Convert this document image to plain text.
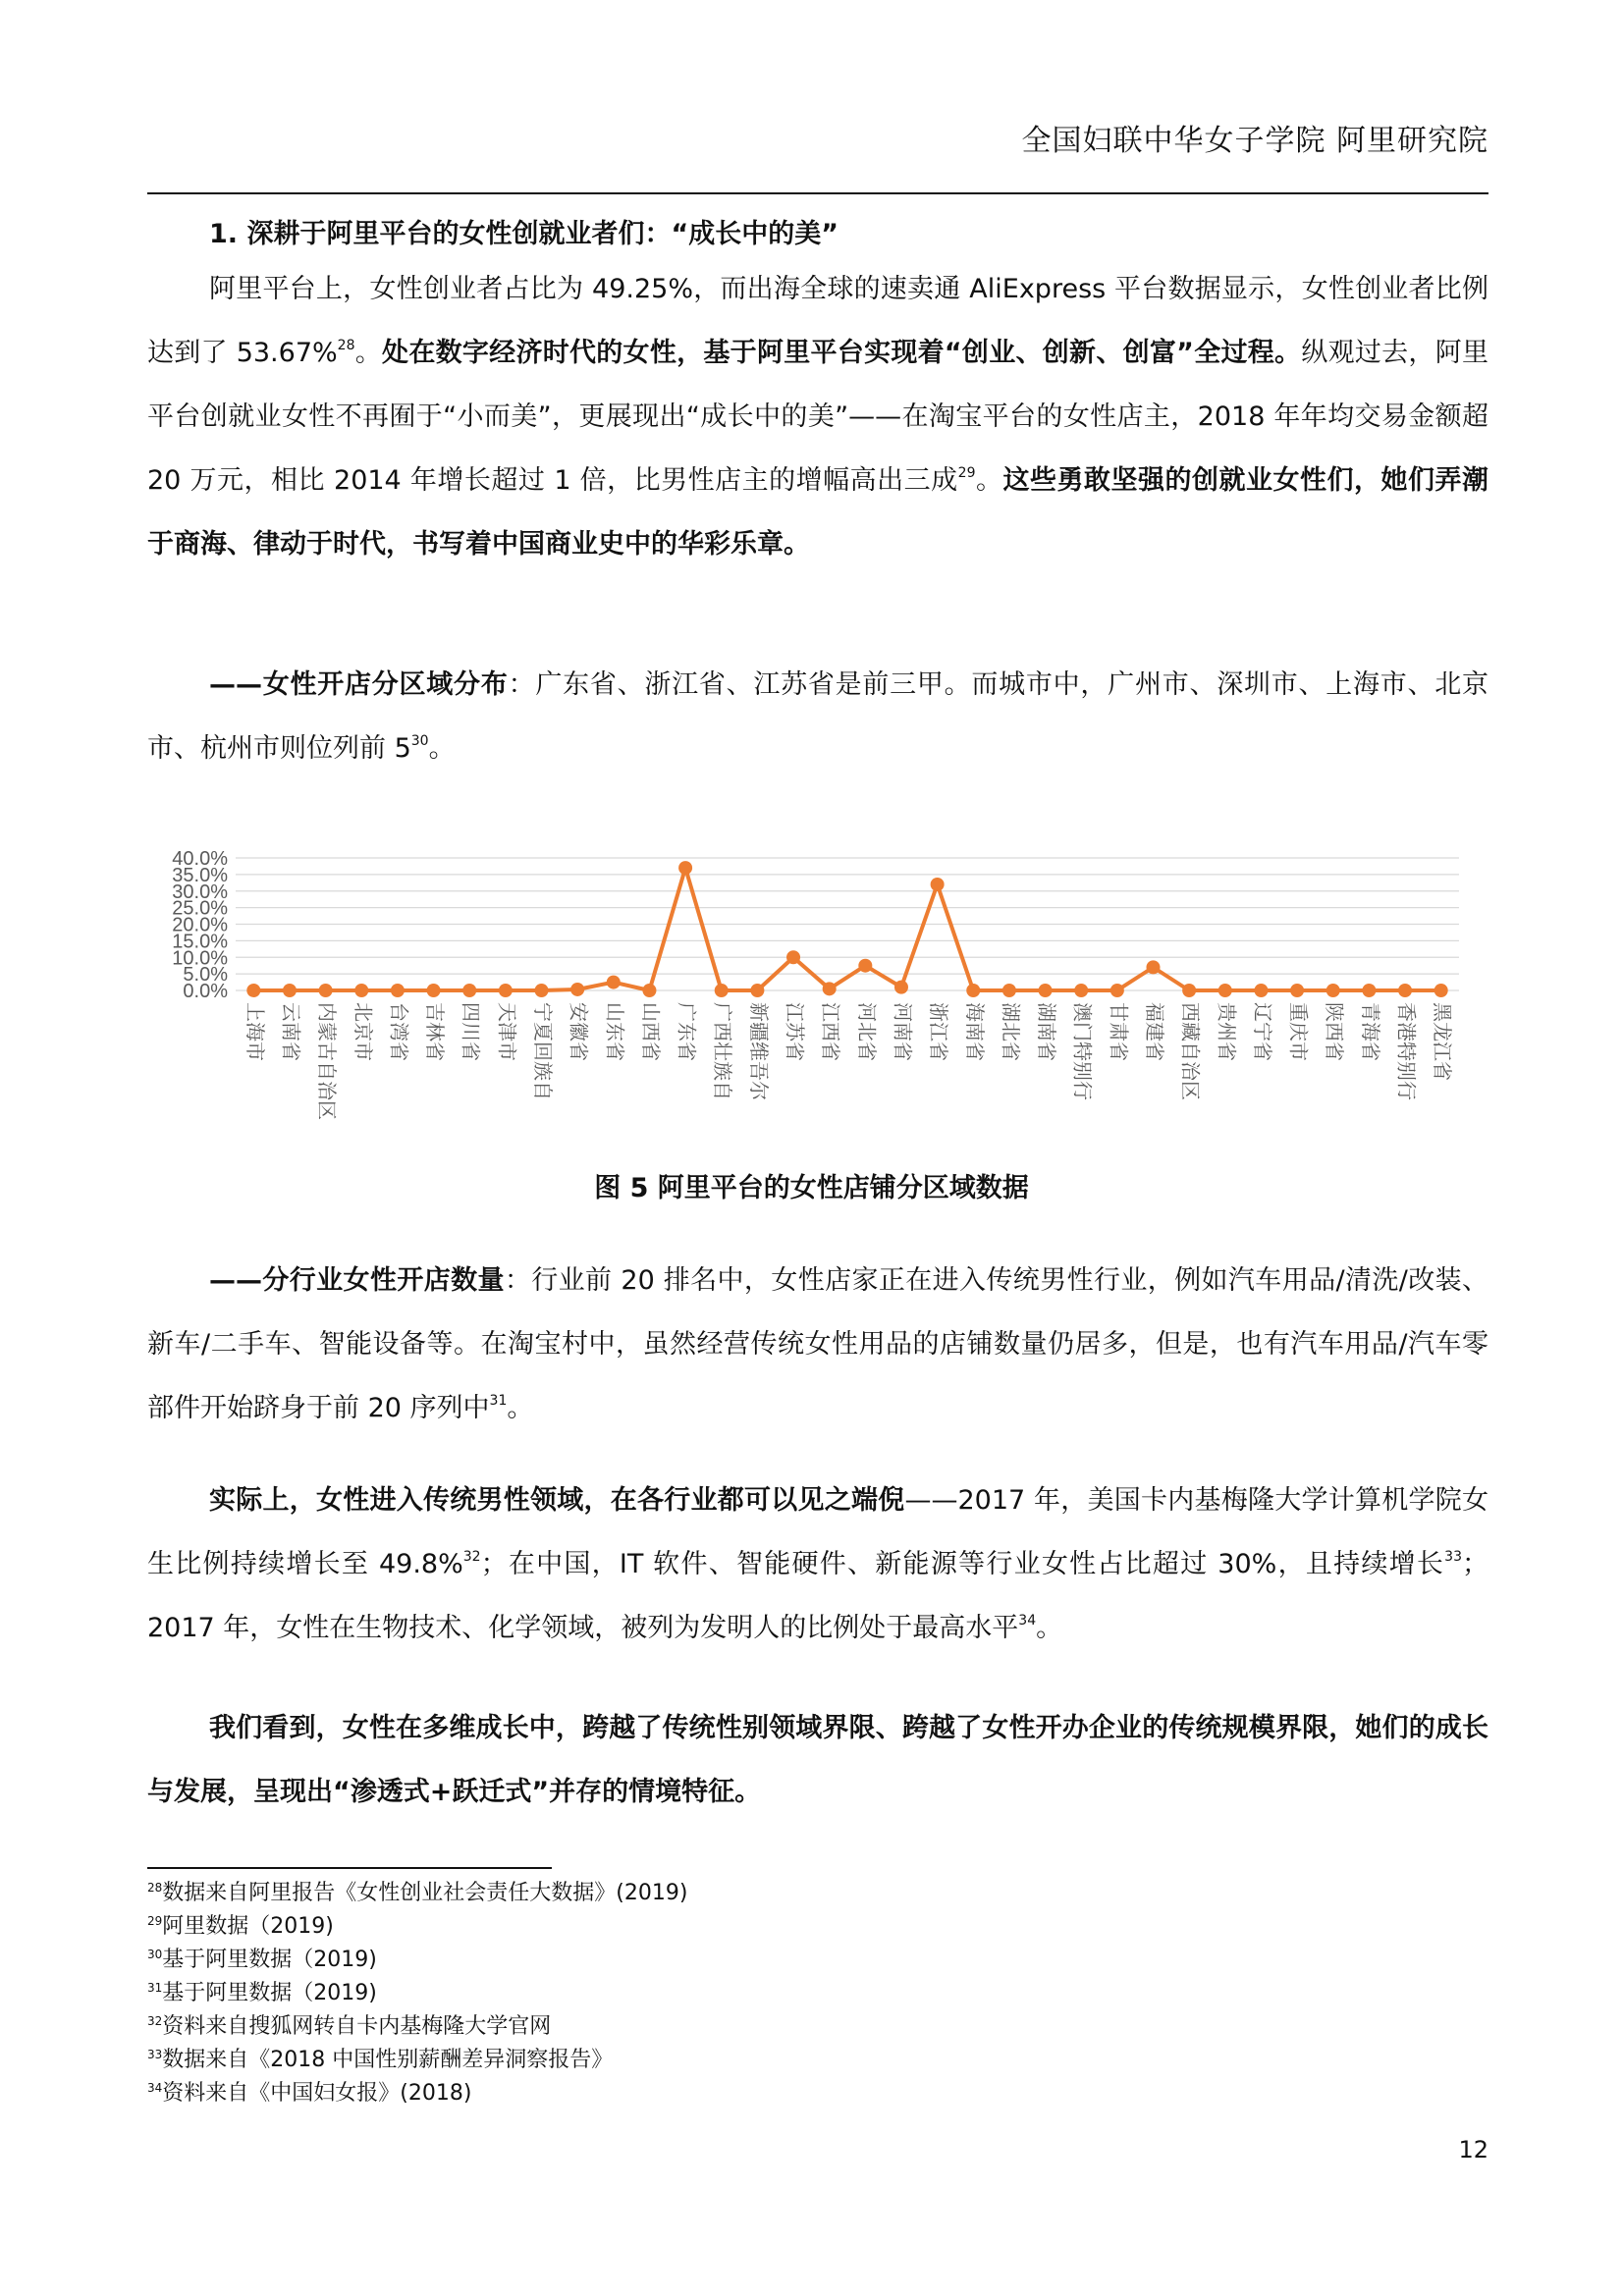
全国妇联中华女子学院 阿里研究院
1. 深耕于阿里平台的女性创就业者们：“成长中的美”

阿里平台上，女性创业者占比为 49.25%，而出海全球的速卖通 AliExpress 平台数据显示，女性创业者比例达到了 53.67%$^{28}$。处在数字经济时代的女性，基于阿里平台实现着“创业、创新、创富”全过程。纵观过去，阿里平台创就业女性不再囿于“小而美”，更展现出“成长中的美”——在淘宝平台的女性店主，2018 年年均交易金额超 20 万元，相比 2014 年增长超过 1 倍，比男性店主的增幅高出三成$^{29}$。这些勇敢坚强的创就业女性们，她们弄潮于商海、律动于时代，书写着中国商业史中的华彩乐章。

——女性开店分区域分布：广东省、浙江省、江苏省是前三甲。而城市中，广州市、深圳市、上海市、北京市、杭州市则位列前 $5^{30}$。

0.0%
5.0%
10.0%
15.0%
20.0%
25.0%
30.0%
35.0%
40.0%
上海市 云南省 内蒙古自治区 北京市 台湾省 吉林省 四川省 天津市 宁夏回族自 安徽省 山东省 山西省 广东省 广西壮族自 新疆维吾尔 江苏省 江西省 河北省 河南省 浙江省 海南省 湖北省 湖南省 澳门特别行 甘肃省 福建省 西藏自治区 贵州省 辽宁省 重庆市 陕西省 青海省 香港特别行 黑龙江省
图 5 阿里平台的女性店铺分区域数据

——分行业女性开店数量：行业前 20 排名中，女性店家正在进入传统男性行业，例如汽车用品/清洗/改装、新车/二手车、智能设备等。在淘宝村中，虽然经营传统女性用品的店铺数量仍居多，但是，也有汽车用品/汽车零部件开始跻身于前 20 序列中$^{31}$。

实际上，女性进入传统男性领域，在各行业都可以见之端倪——2017 年，美国卡内基梅隆大学计算机学院女生比例持续增长至 49.8%$^{32}$；在中国，IT 软件、智能硬件、新能源等行业女性占比超过 30%，且持续增长$^{33}$；2017 年，女性在生物技术、化学领域，被列为发明人的比例处于最高水平$^{34}$。

我们看到，女性在多维成长中，跨越了传统性别领域界限、跨越了女性开办企业的传统规模界限，她们的成长与发展，呈现出“渗透式+跃迁式”并存的情境特征。

$^{28}$数据来自阿里报告《女性创业社会责任大数据》(2019)
$^{29}$阿里数据（2019)
$^{30}$基于阿里数据（2019)
$^{31}$基于阿里数据（2019)
$^{32}$资料来自搜狐网转自卡内基梅隆大学官网
$^{33}$数据来自《2018 中国性别薪酬差异洞察报告》
$^{34}$资料来自《中国妇女报》(2018)
12
